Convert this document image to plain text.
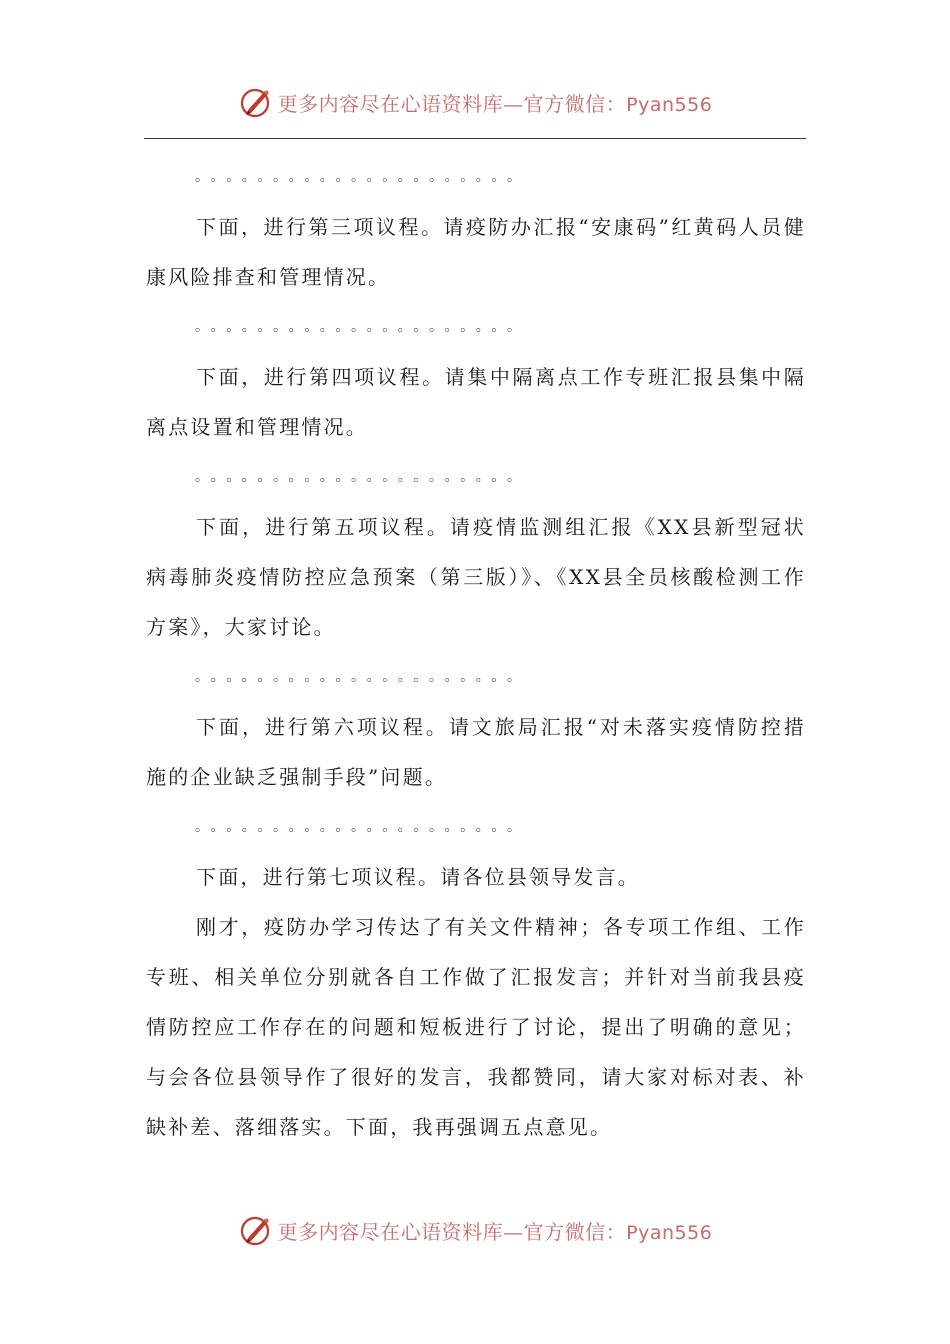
更多内容尽在心语资料库—官方微信：Pyan556
。。。。。。。。。。。。。。。。。。。。。

下面，进行第三项议程。请疫防办汇报“安康码”红黄码人员健康风险排查和管理情况。

。。。。。。。。。。。。。。。。。。。。。

下面，进行第四项议程。请集中隔离点工作专班汇报县集中隔离点设置和管理情况。

。。。。。。。。。。。。。。。。。。。。。

下面，进行第五项议程。请疫情监测组汇报《XX县新型冠状病毒肺炎疫情防控应急预案（第三版）》、《XX县全员核酸检测工作方案》，大家讨论。

。。。。。。。。。。。。。。。。。。。。。

下面，进行第六项议程。请文旅局汇报“对未落实疫情防控措施的企业缺乏强制手段”问题。

。。。。。。。。。。。。。。。。。。。。。

下面，进行第七项议程。请各位县领导发言。

刚才，疫防办学习传达了有关文件精神；各专项工作组、工作专班、相关单位分别就各自工作做了汇报发言；并针对当前我县疫情防控应工作存在的问题和短板进行了讨论，提出了明确的意见；与会各位县领导作了很好的发言，我都赞同，请大家对标对表、补缺补差、落细落实。下面，我再强调五点意见。

更多内容尽在心语资料库—官方微信：Pyan556
